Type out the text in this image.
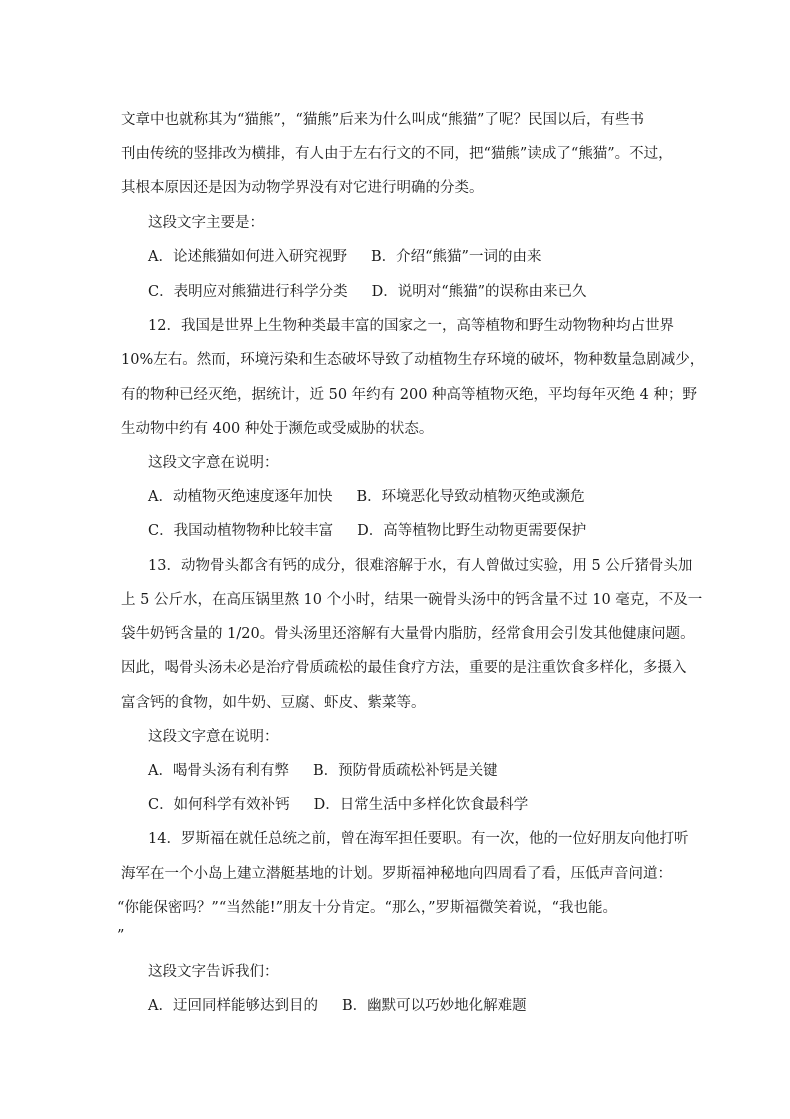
文章中也就称其为“猫熊”，“猫熊”后来为什么叫成“熊猫”了呢？民国以后，有些书
刊由传统的竖排改为横排，有人由于左右行文的不同，把“猫熊”读成了“熊猫”。不过，
其根本原因还是因为动物学界没有对它进行明确的分类。
这段文字主要是：
A．论述熊猫如何进入研究视野 B．介绍“熊猫”一词的由来
C．表明应对熊猫进行科学分类 D．说明对“熊猫”的误称由来已久
12．我国是世界上生物种类最丰富的国家之一，高等植物和野生动物物种均占世界
10%左右。然而，环境污染和生态破坏导致了动植物生存环境的破坏，物种数量急剧减少，
有的物种已经灭绝，据统计，近 50 年约有 200 种高等植物灭绝，平均每年灭绝 4 种；野
生动物中约有 400 种处于濒危或受威胁的状态。
这段文字意在说明：
A．动植物灭绝速度逐年加快 B．环境恶化导致动植物灭绝或濒危
C．我国动植物物种比较丰富 D．高等植物比野生动物更需要保护
13．动物骨头都含有钙的成分，很难溶解于水，有人曾做过实验，用 5 公斤猪骨头加
上 5 公斤水，在高压锅里熬 10 个小时，结果一碗骨头汤中的钙含量不过 10 毫克，不及一
袋牛奶钙含量的 1/20。骨头汤里还溶解有大量骨内脂肪，经常食用会引发其他健康问题。
因此，喝骨头汤未必是治疗骨质疏松的最佳食疗方法，重要的是注重饮食多样化，多摄入
富含钙的食物，如牛奶、豆腐、虾皮、紫菜等。
这段文字意在说明：
A．喝骨头汤有利有弊 B．预防骨质疏松补钙是关键
C．如何科学有效补钙 D．日常生活中多样化饮食最科学
14．罗斯福在就任总统之前，曾在海军担任要职。有一次，他的一位好朋友向他打听
海军在一个小岛上建立潜艇基地的计划。罗斯福神秘地向四周看了看，压低声音问道：
“你能保密吗？”“当然能!”朋友十分肯定。“那么，”罗斯福微笑着说，“我也能。
”
这段文字告诉我们：
A．迂回同样能够达到目的 B．幽默可以巧妙地化解难题
